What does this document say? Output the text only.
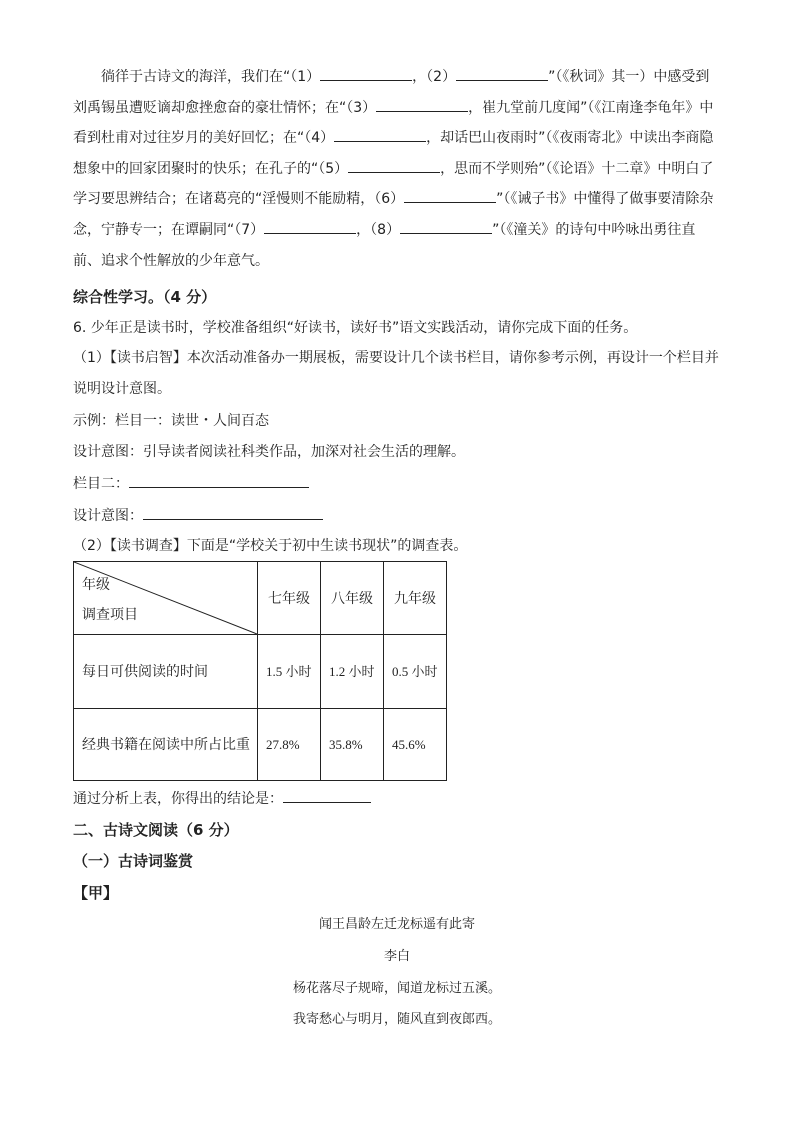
徜徉于古诗文的海洋，我们在“（1）	，（2）	”（《秋词》其一）中感受到刘禹锡虽遭贬谪却愈挫愈奋的豪壮情怀；在“（3）	，崔九堂前几度闻”（《江南逢李龟年》中看到杜甫对过往岁月的美好回忆；在“（4）	，却话巴山夜雨时”（《夜雨寄北》中读出李商隐想象中的回家团聚时的快乐；在孔子的“（5）	，思而不学则殆”（《论语》十二章》中明白了学习要思辨结合；在诸葛亮的“淫慢则不能励精，（6）	”（《诫子书》中懂得了做事要清除杂念，宁静专一；在谭嗣同“（7）	，（8）	”（《潼关》的诗句中吟咏出勇往直前、追求个性解放的少年意气。

综合性学习。（4 分）

6. 少年正是读书时，学校准备组织“好读书，读好书”语文实践活动，请你完成下面的任务。

（1）【读书启智】本次活动准备办一期展板，需要设计几个读书栏目，请你参考示例，再设计一个栏目并说明设计意图。

示例：栏目一：读世・人间百态

设计意图：引导读者阅读社科类作品，加深对社会生活的理解。

栏目二：

设计意图：

（2）【读书调查】下面是“学校关于初中生读书现状”的调查表。

年级
调查项目	七年级	八年级	九年级
每日可供阅读的时间	1.5 小时	1.2 小时	0.5 小时
经典书籍在阅读中所占比重	27.8%	35.8%	45.6%

通过分析上表，你得出的结论是：

二、古诗文阅读（6 分）

（一）古诗词鉴赏

【甲】

闻王昌龄左迁龙标遥有此寄

李白

杨花落尽子规啼，闻道龙标过五溪。

我寄愁心与明月，随风直到夜郎西。
